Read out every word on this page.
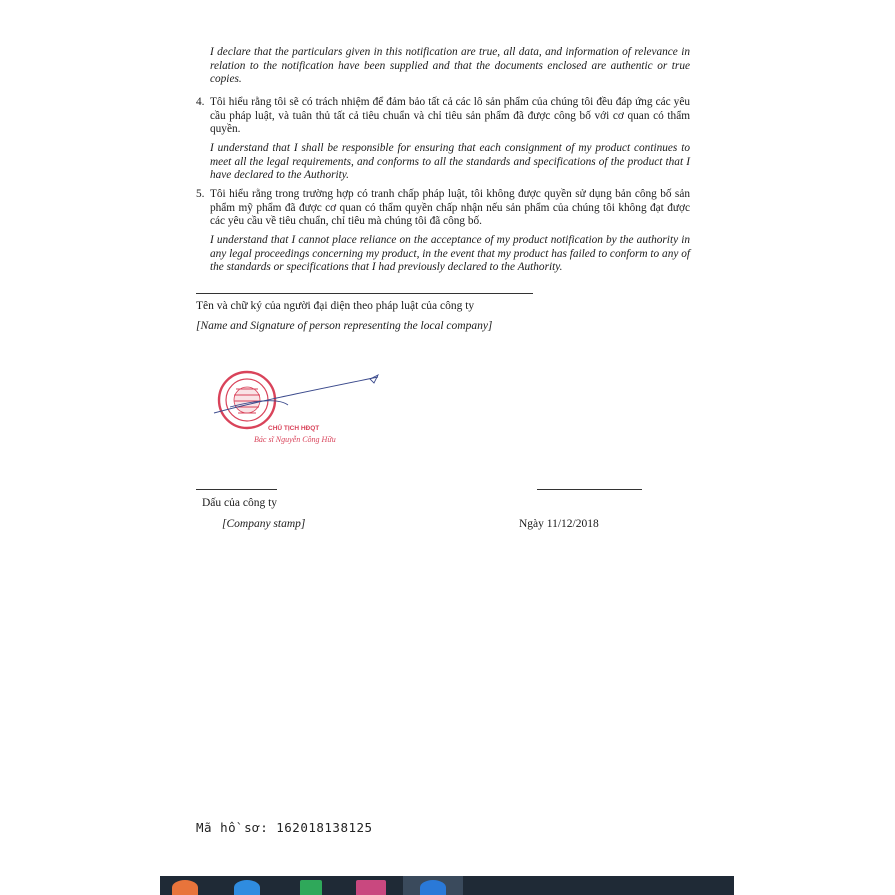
I declare that the particulars given in this notification are true, all data, and information of relevance in relation to the notification have been supplied and that the documents enclosed are authentic or true copies.
4. Tôi hiểu rằng tôi sẽ có trách nhiệm để đảm bảo tất cả các lô sản phẩm của chúng tôi đều đáp ứng các yêu cầu pháp luật, và tuân thủ tất cả tiêu chuẩn và chỉ tiêu sản phẩm đã được công bố với cơ quan có thẩm quyền.
I understand that I shall be responsible for ensuring that each consignment of my product continues to meet all the legal requirements, and conforms to all the standards and specifications of the product that I have declared to the Authority.
5. Tôi hiểu rằng trong trường hợp có tranh chấp pháp luật, tôi không được quyền sử dụng bản công bố sản phẩm mỹ phẩm đã được cơ quan có thẩm quyền chấp nhận nếu sản phẩm của chúng tôi không đạt được các yêu cầu về tiêu chuẩn, chỉ tiêu mà chúng tôi đã công bố.
I understand that I cannot place reliance on the acceptance of my product notification by the authority in any legal proceedings concerning my product, in the event that my product has failed to conform to any of the standards or specifications that I had previously declared to the Authority.
Tên và chữ ký của người đại diện theo pháp luật của công ty
[Name and Signature of person representing the local company]
CHỦ TỊCH HĐQT
Bác sĩ Nguyễn Công Hữu
Dấu của công ty
[Company stamp]	Ngày 11/12/2018
Mã hồ sơ: 162018138125
